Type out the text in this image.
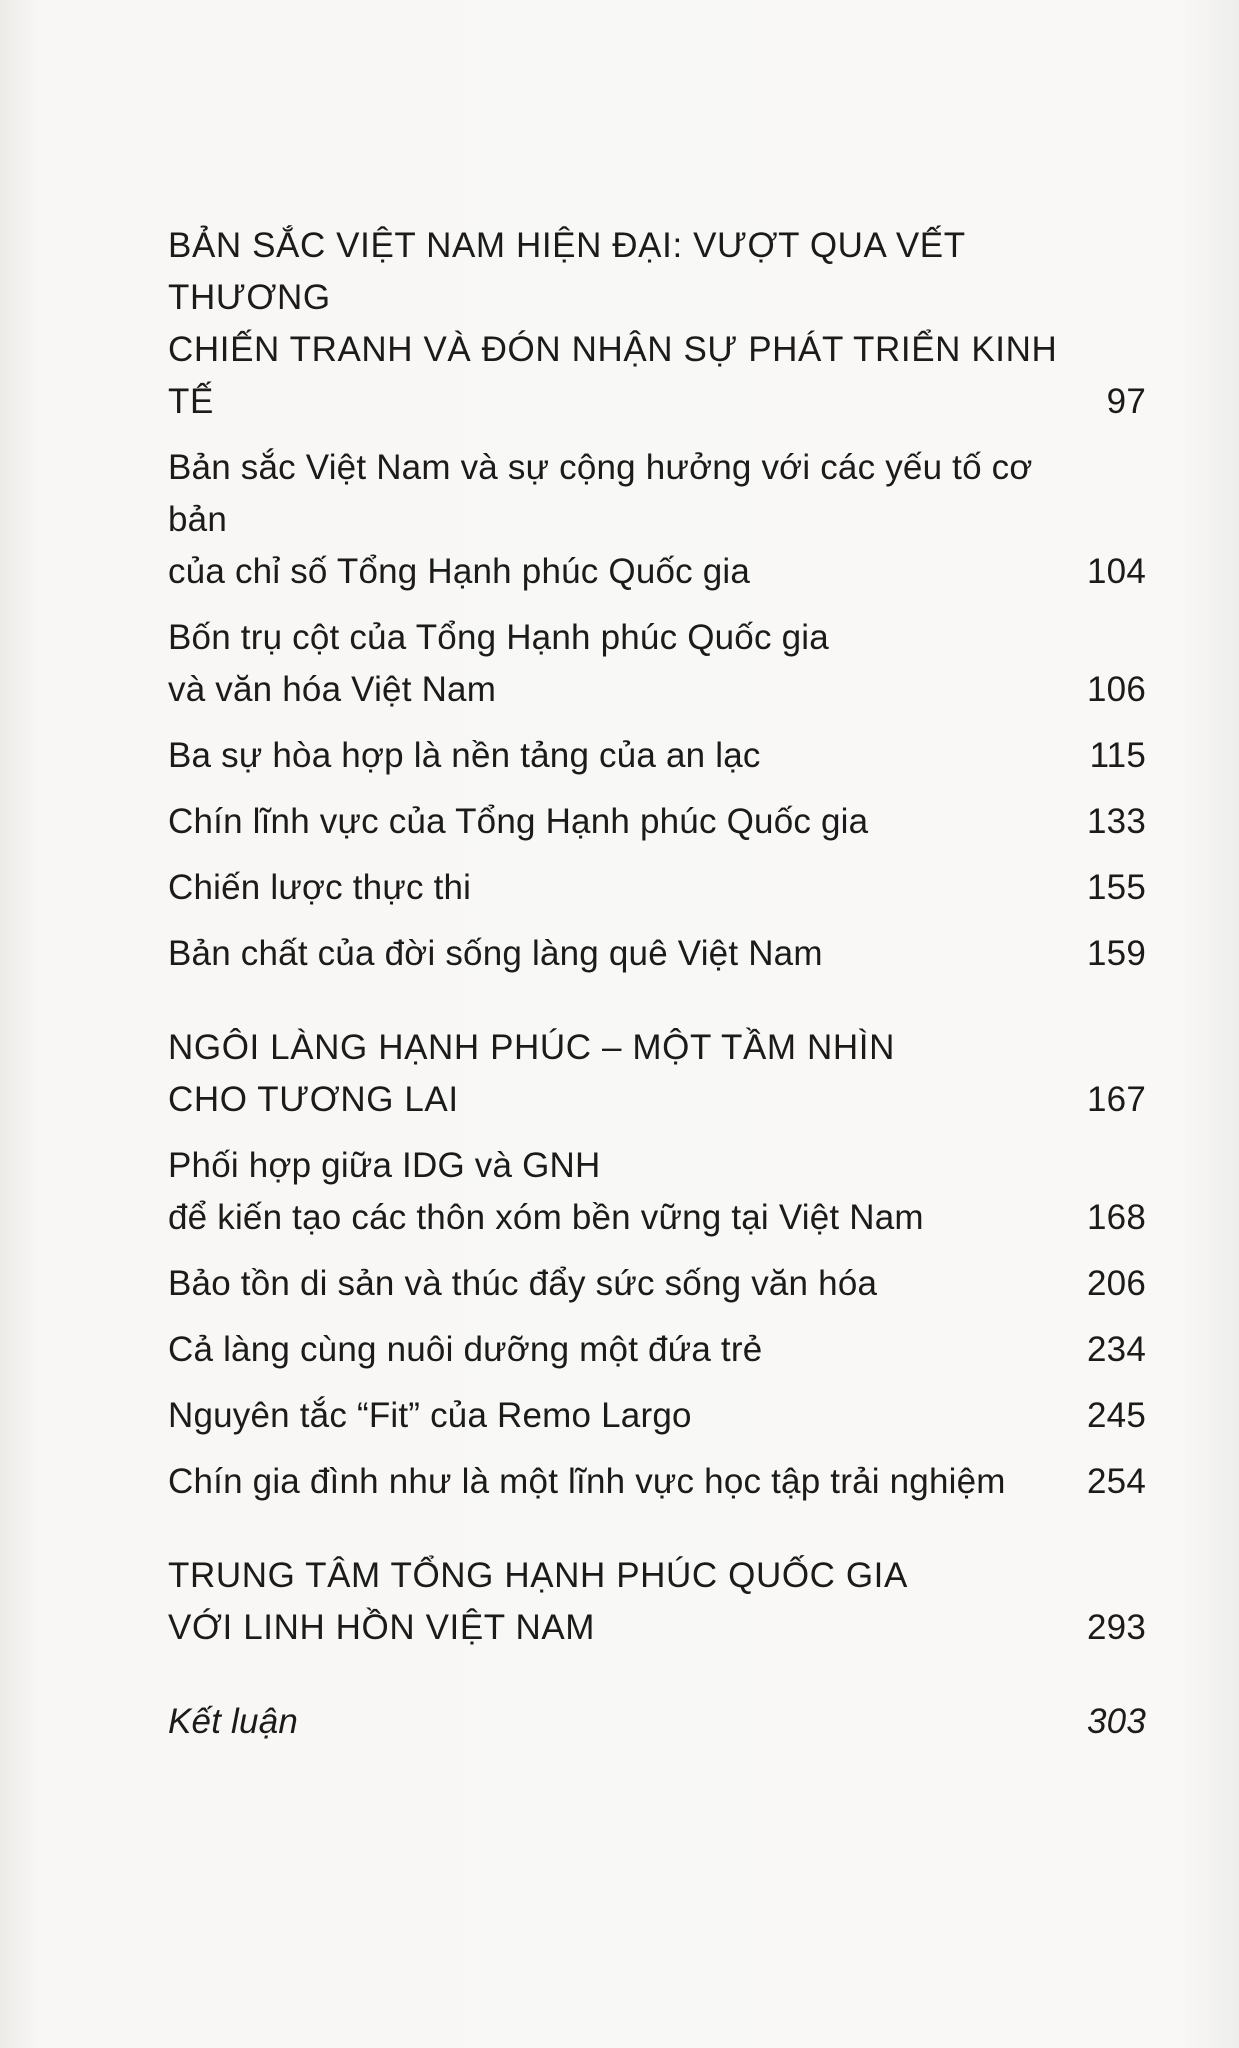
BẢN SẮC VIỆT NAM HIỆN ĐẠI: VƯỢT QUA VẾT THƯƠNG
CHIẾN TRANH VÀ ĐÓN NHẬN SỰ PHÁT TRIỂN KINH TẾ	97
Bản sắc Việt Nam và sự cộng hưởng với các yếu tố cơ bản
của chỉ số Tổng Hạnh phúc Quốc gia	104
Bốn trụ cột của Tổng Hạnh phúc Quốc gia
và văn hóa Việt Nam	106
Ba sự hòa hợp là nền tảng của an lạc	115
Chín lĩnh vực của Tổng Hạnh phúc Quốc gia	133
Chiến lược thực thi	155
Bản chất của đời sống làng quê Việt Nam	159
NGÔI LÀNG HẠNH PHÚC – MỘT TẦM NHÌN
CHO TƯƠNG LAI	167
Phối hợp giữa IDG và GNH
để kiến tạo các thôn xóm bền vững tại Việt Nam	168
Bảo tồn di sản và thúc đẩy sức sống văn hóa	206
Cả làng cùng nuôi dưỡng một đứa trẻ	234
Nguyên tắc “Fit” của Remo Largo	245
Chín gia đình như là một lĩnh vực học tập trải nghiệm	254
TRUNG TÂM TỔNG HẠNH PHÚC QUỐC GIA
VỚI LINH HỒN VIỆT NAM	293
Kết luận	303
